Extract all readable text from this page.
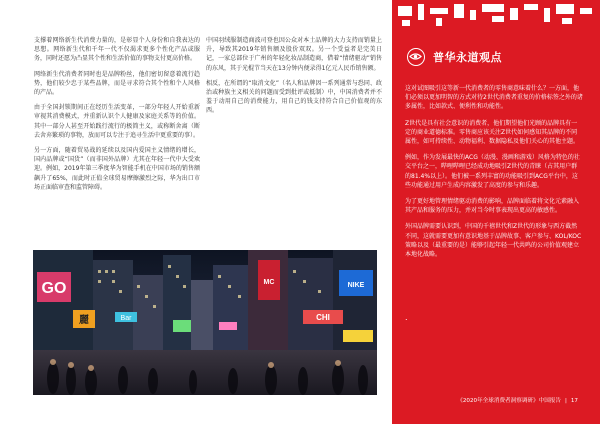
支撑着网络新生代消费力量的，是彰显个人身份和自我表达的思想。网络新生代和千年一代不仅渴求更多个性化产品或服务，同时还愿为凸显其个性和生活价值的事物支付更高价格。

网络新生代消费者同时也是品牌粉丝，他们密切留意着流行趋势，他们较少忠于某些品牌，而是寻求符合其个性和个人风格的产品。

由于全国封锁期间正在经历生活变革，一部分年轻人开始重新审视其消费模式，并重新认识个人健康及家庭关系等的价值。其中一部分人甚至开始践行流行的极简主义，或称断舍离（断去舍弃繁琐的事物，放而可以专注于追寻生活中更重要的事）。

另一方面，随着贸易战的延续以及国内爱国主义情绪的增长，国内品牌或“国货”（而非国外品牌）尤其在年轻一代中大受欢迎。例如，2019年第三季度华为智能手机在中国市场的销售额飙升了65%，而此时正值全球贸易摩擦激烈之际，华为出口市场正面临审查和监管障碍。

中国羽绒服制造商波司登也因公众对本土品牌的大力支持而销量上升，导致其2019年销售额及股价双双。另一个受益者是完美日记，一家总部位于广州的年轻化妆品制造商，借着“情绪驱动”销售的东风，其于光棍节当天在13分钟内便录得1亿元人民币销售额。

相反，在所谓的“取消文化”（名人和品牌因一系列通常与恐同、政治或种族主义相关的问题而受到批评或抵制）中，中国消费者并不羞于动用自己的消费能力，用自己的钱支持符合自己价值观的东西。

GO
麗	Bar
MC
CHI
NIKE
普华永道观点

这对试图吸引这等新一代消费者的零售商意味着什么？一方面，他们必须以更加明智的方式对待2世代消费者重复的价格标签之外的诸多属性，比如款式、便利性和功能性。

Z世代是具有社会意识的消费者，他们期望他们光顾的品牌具有一定的商业道德标准。零售商应该关注Z世代如何感知其品牌的不同属性，如可持续性、动物福利、数据隐私及他们关心的其他主题。

例如，作为发展最快的ACG（动漫、漫画和游戏）风格为特色的社交平台之一，哔哩哔哩已经成功地吸引Z世代的青睐（占其用户群的81.4%以上）。他们被一系列丰富的功能吸引到ACG平台中，这些功能通过用户生成内容激发了高度的参与和乐趣。

为了更好地管理情绪驱动消费的影响，品牌面临着将文化元素融入其产品和服务的压力，并对当今时事表现出更高的敏感性。

外国品牌需要认识到，中国的千禧世代和Z世代的形象与西方截然不同，这就需要更加有意识地基于品牌故事、客户参与、KOL/KOC策略以及（最重要的是）能够引起年轻一代共鸣的公司价值观建立本地化战略。

.
《2020年全球消费者洞察调研》中国报告 | 17
